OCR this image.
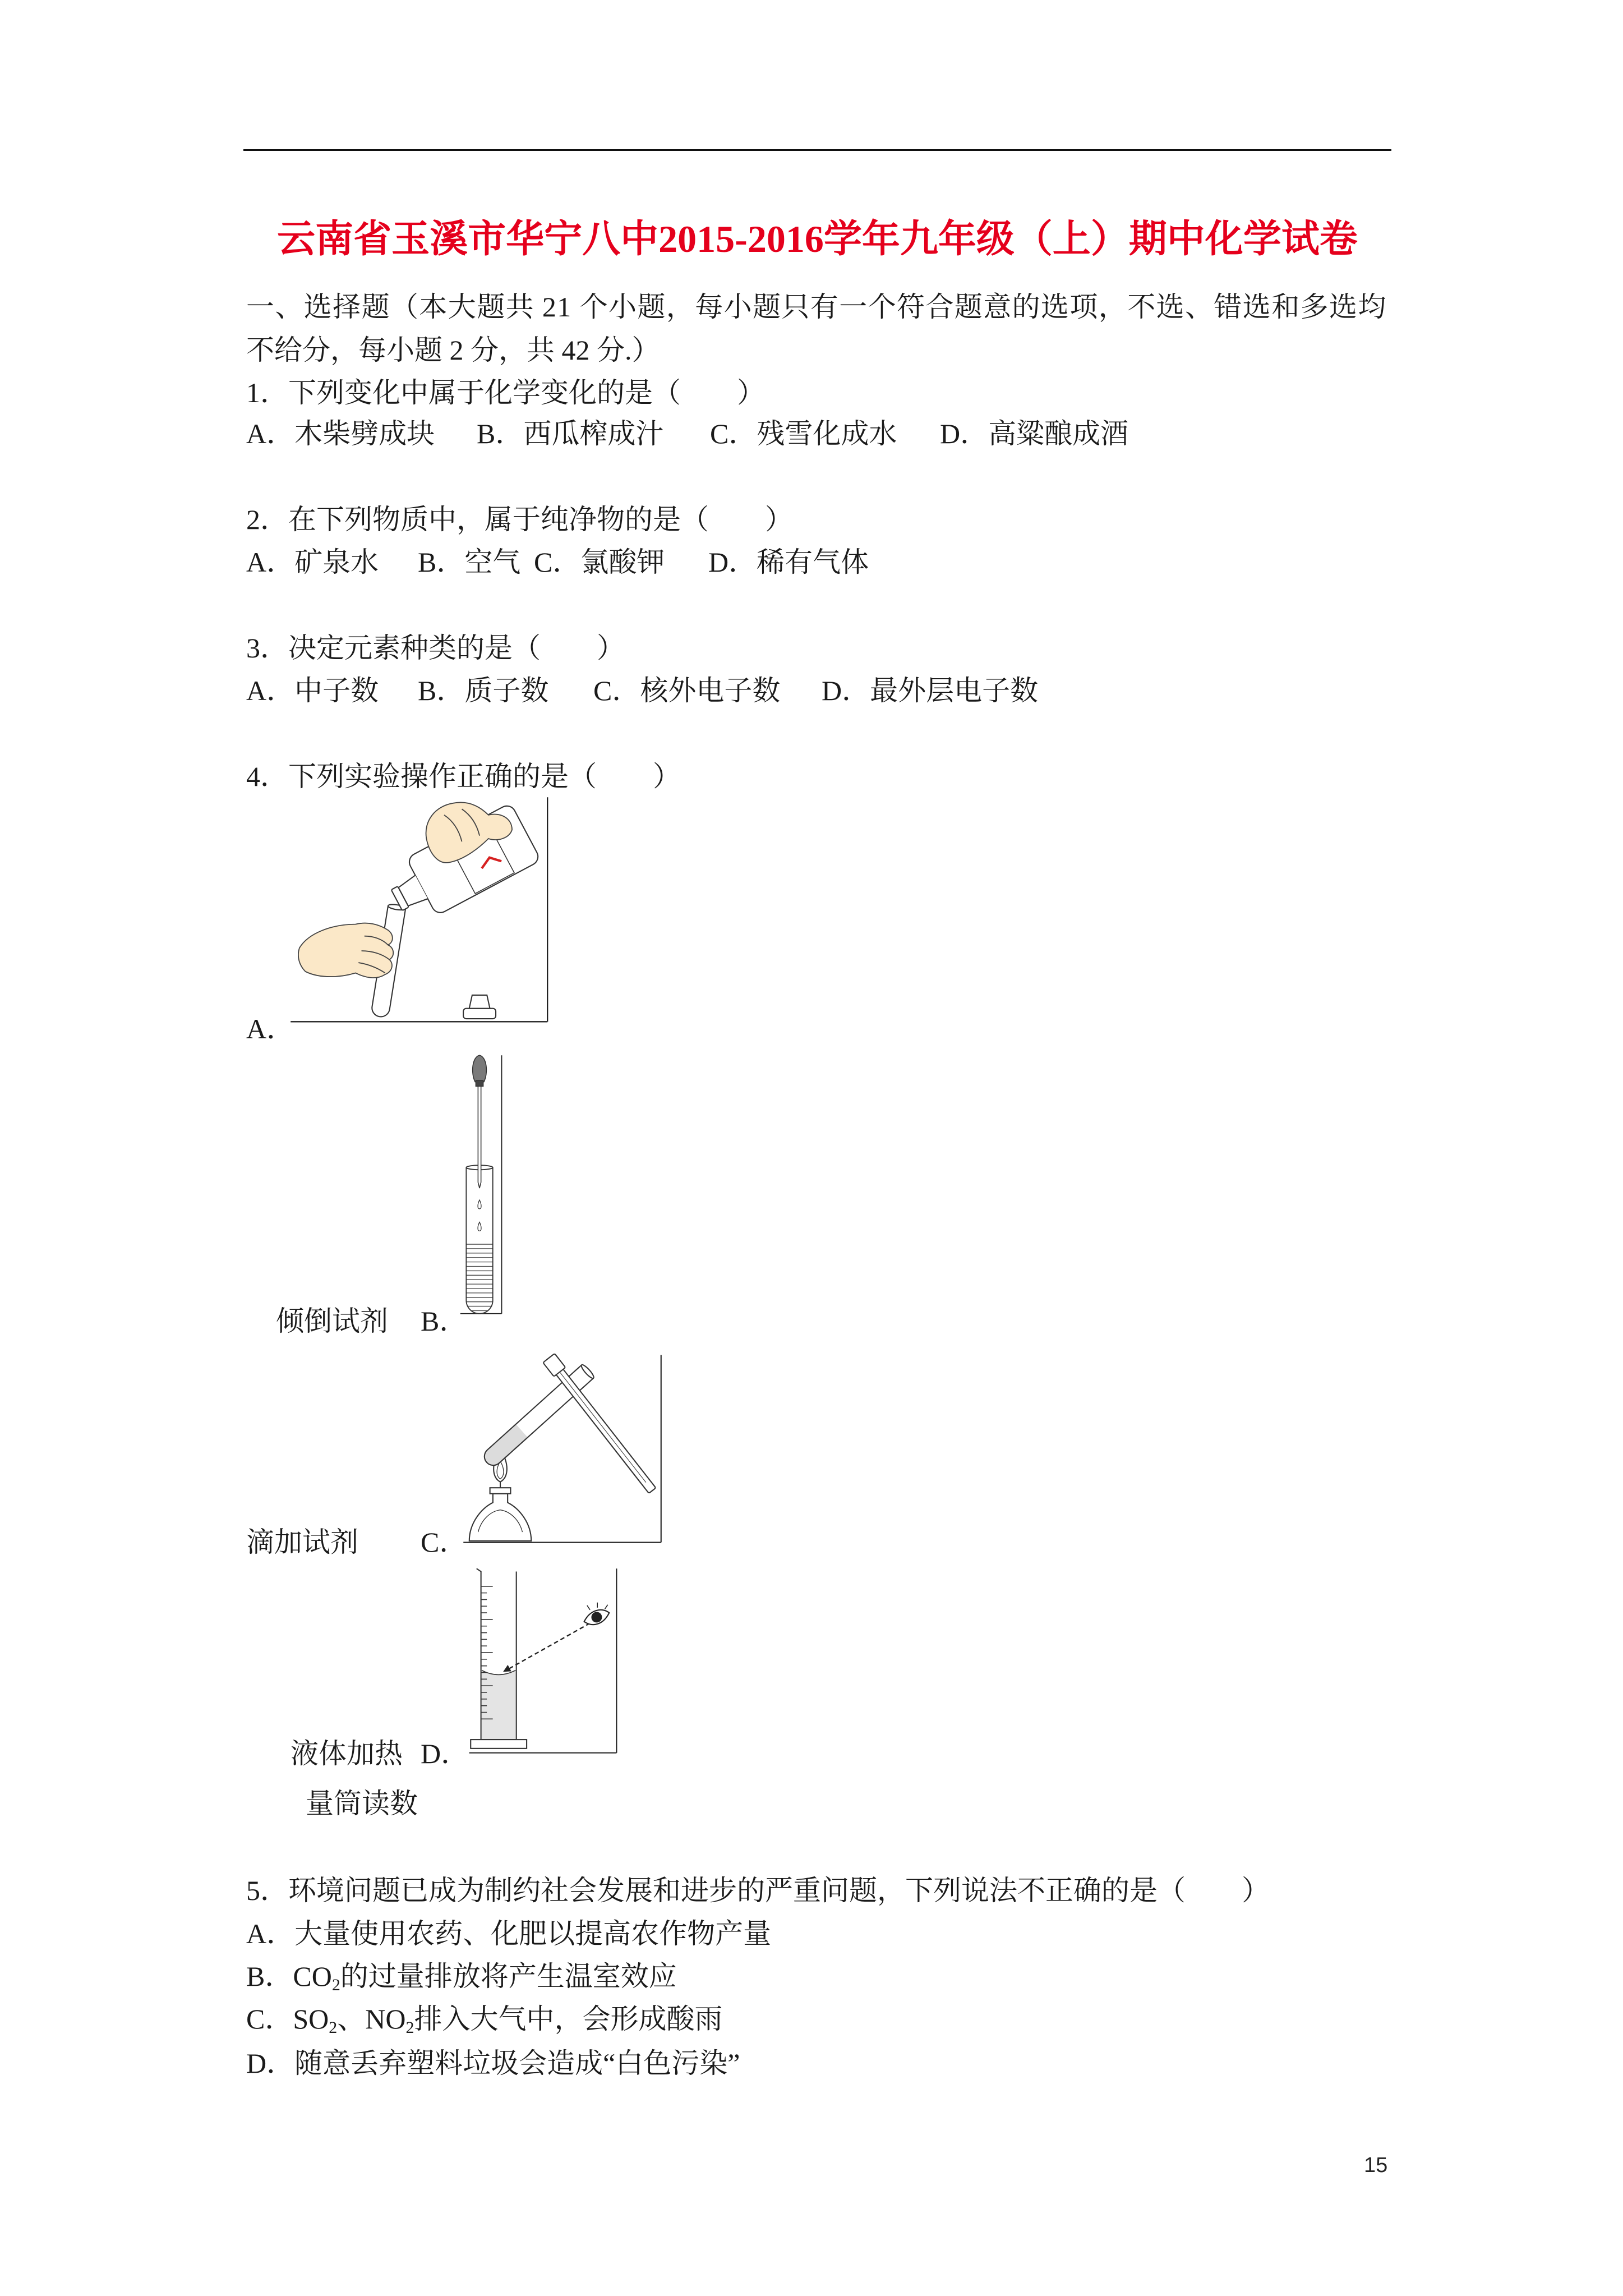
云南省玉溪市华宁八中2015-2016学年九年级（上）期中化学试卷
一、选择题（本大题共 21 个小题，每小题只有一个符合题意的选项，不选、错选和多选均
不给分，每小题 2 分，共 42 分.）
1．下列变化中属于化学变化的是（　　）
A．木柴劈成块 B．西瓜榨成汁 C．残雪化成水 D．高粱酿成酒
2．在下列物质中，属于纯净物的是（　　）
A．矿泉水 B．空气 C．氯酸钾 D．稀有气体
3．决定元素种类的是（　　）
A．中子数 B．质子数 C．核外电子数 D．最外层电子数
4．下列实验操作正确的是（　　）
A．
倾倒试剂 B．
滴加试剂 C．
液体加热 D．
量筒读数
5．环境问题已成为制约社会发展和进步的严重问题，下列说法不正确的是（　　）
A．大量使用农药、化肥以提高农作物产量
B．$CO_2$的过量排放将产生温室效应
C．$SO_2$、$NO_2$排入大气中，会形成酸雨
D．随意丢弃塑料垃圾会造成“白色污染”
15
